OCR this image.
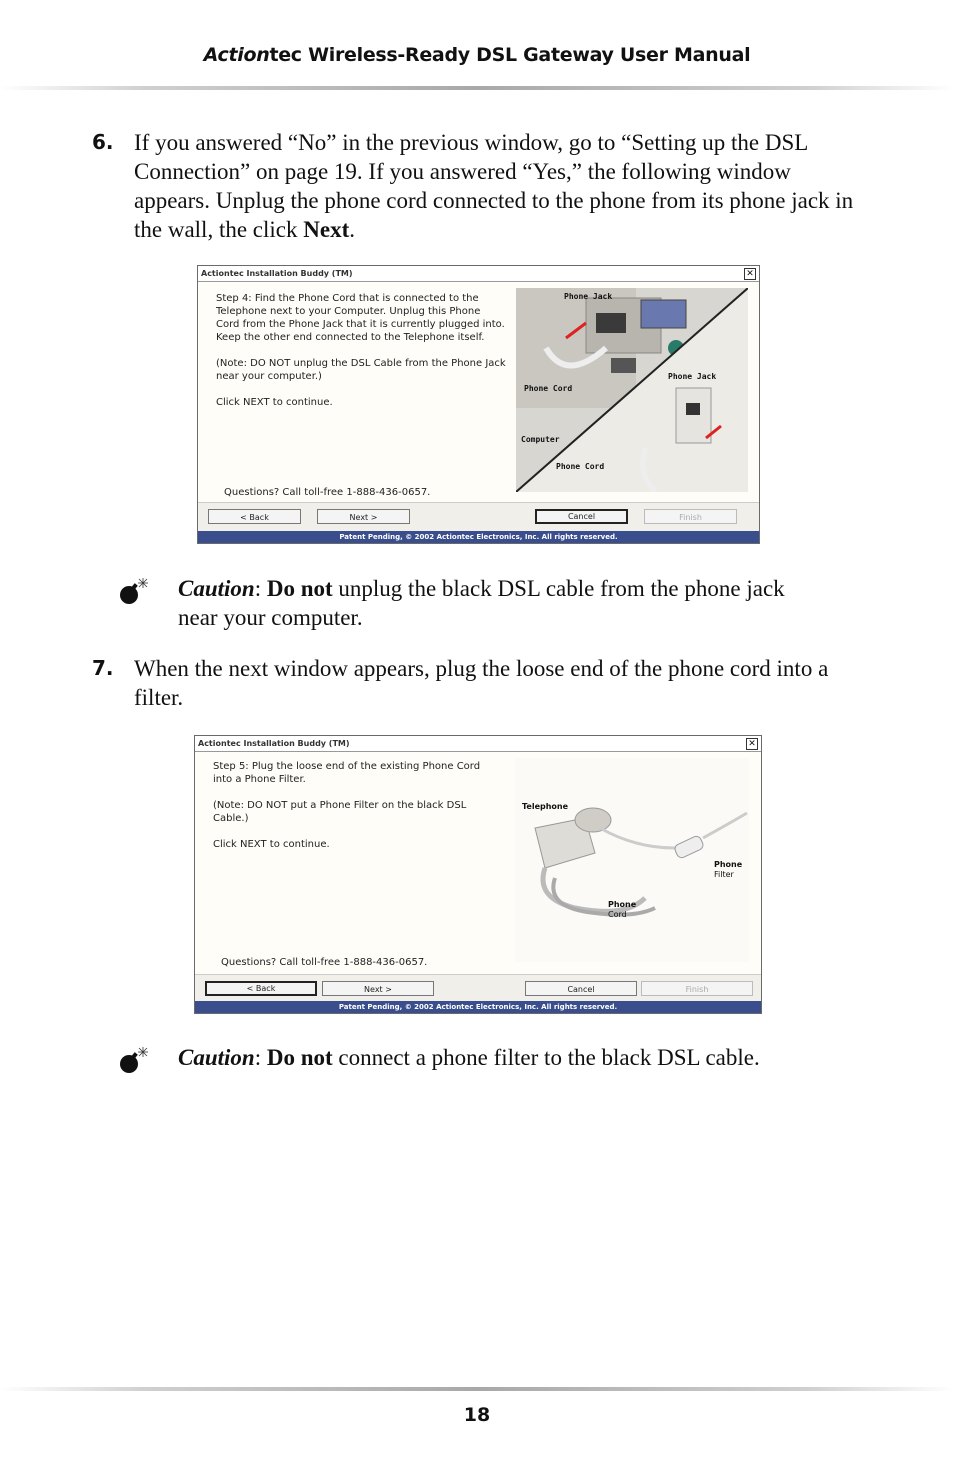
Actiontec Wireless-Ready DSL Gateway User Manual
6. If you answered “No” in the previous window, go to “Setting up the DSL Connection” on page 19. If you answered “Yes,” the following window appears. Unplug the phone cord connected to the phone from its phone jack in the wall, the click Next.
Actiontec Installation Buddy (TM)	✕

Step 4: Find the Phone Cord that is connected to the Telephone next to your Computer. Unplug this Phone Cord from the Phone Jack that it is currently plugged into. Keep the other end connected to the Telephone itself.

(Note: DO NOT unplug the DSL Cable from the Phone Jack near your computer.)

Click NEXT to continue.

Questions? Call toll-free 1-888-436-0657.
Phone Jack
Phone Cord
Phone Jack
Computer
Phone Cord
< Back	Next >	Cancel	Finish
Patent Pending, © 2002 Actiontec Electronics, Inc. All rights reserved.
Caution: Do not unplug the black DSL cable from the phone jack near your computer.
7. When the next window appears, plug the loose end of the phone cord into a filter.
Actiontec Installation Buddy (TM)	✕

Step 5: Plug the loose end of the existing Phone Cord into a Phone Filter.

(Note: DO NOT put a Phone Filter on the black DSL Cable.)

Click NEXT to continue.

Questions? Call toll-free 1-888-436-0657.
Telephone
Phone
Filter
Phone
Cord
< Back	Next >	Cancel	Finish
Patent Pending, © 2002 Actiontec Electronics, Inc. All rights reserved.
Caution: Do not connect a phone filter to the black DSL cable.
18
